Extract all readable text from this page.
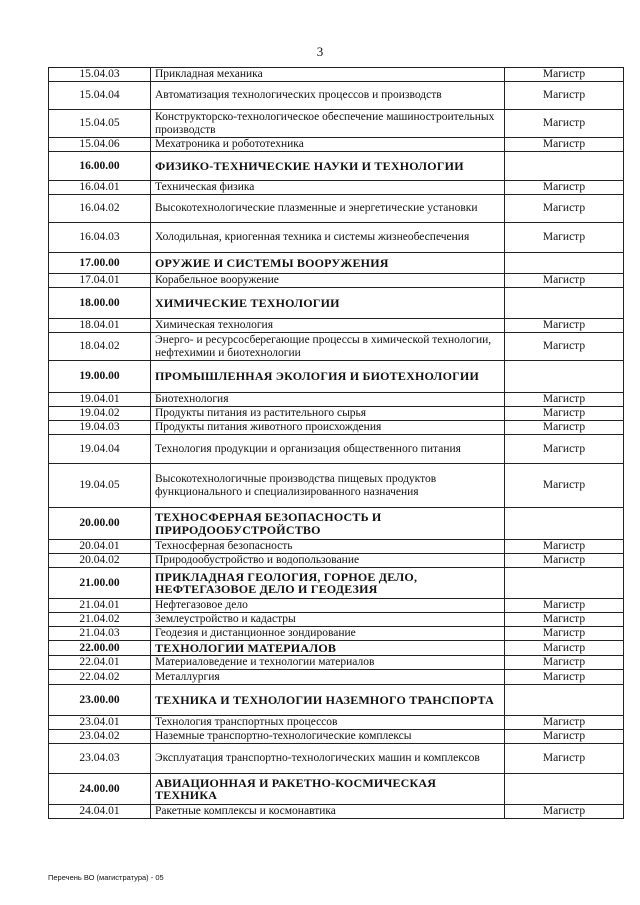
3
15.04.03	Прикладная механика	Магистр
15.04.04	Автоматизация технологических процессов и производств	Магистр
15.04.05	Конструкторско-технологическое обеспечение машиностроительных производств	Магистр
15.04.06	Мехатроника и робототехника	Магистр
16.00.00	ФИЗИКО-ТЕХНИЧЕСКИЕ НАУКИ И ТЕХНОЛОГИИ	
16.04.01	Техническая физика	Магистр
16.04.02	Высокотехнологические плазменные и энергетические установки	Магистр
16.04.03	Холодильная, криогенная техника и системы жизнеобеспечения	Магистр
17.00.00	ОРУЖИЕ И СИСТЕМЫ ВООРУЖЕНИЯ	
17.04.01	Корабельное вооружение	Магистр
18.00.00	ХИМИЧЕСКИЕ ТЕХНОЛОГИИ	
18.04.01	Химическая технология	Магистр
18.04.02	Энерго- и ресурсосберегающие процессы в химической технологии, нефтехимии и биотехнологии	Магистр
19.00.00	ПРОМЫШЛЕННАЯ ЭКОЛОГИЯ И БИОТЕХНОЛОГИИ	
19.04.01	Биотехнология	Магистр
19.04.02	Продукты питания из растительного сырья	Магистр
19.04.03	Продукты питания животного происхождения	Магистр
19.04.04	Технология продукции и организация общественного питания	Магистр
19.04.05	Высокотехнологичные производства пищевых продуктов функционального и специализированного назначения	Магистр
20.00.00	ТЕХНОСФЕРНАЯ БЕЗОПАСНОСТЬ И ПРИРОДООБУСТРОЙСТВО	
20.04.01	Техносферная безопасность	Магистр
20.04.02	Природообустройство и водопользование	Магистр
21.00.00	ПРИКЛАДНАЯ ГЕОЛОГИЯ, ГОРНОЕ ДЕЛО, НЕФТЕГАЗОВОЕ ДЕЛО И ГЕОДЕЗИЯ	
21.04.01	Нефтегазовое дело	Магистр
21.04.02	Землеустройство и кадастры	Магистр
21.04.03	Геодезия и дистанционное зондирование	Магистр
22.00.00	ТЕХНОЛОГИИ МАТЕРИАЛОВ	Магистр
22.04.01	Материаловедение и технологии материалов	Магистр
22.04.02	Металлургия	Магистр
23.00.00	ТЕХНИКА И ТЕХНОЛОГИИ НАЗЕМНОГО ТРАНСПОРТА	
23.04.01	Технология транспортных процессов	Магистр
23.04.02	Наземные транспортно-технологические комплексы	Магистр
23.04.03	Эксплуатация транспортно-технологических машин и комплексов	Магистр
24.00.00	АВИАЦИОННАЯ И РАКЕТНО-КОСМИЧЕСКАЯ ТЕХНИКА	
24.04.01	Ракетные комплексы и космонавтика	Магистр
Перечень ВО (магистратура) - 05
